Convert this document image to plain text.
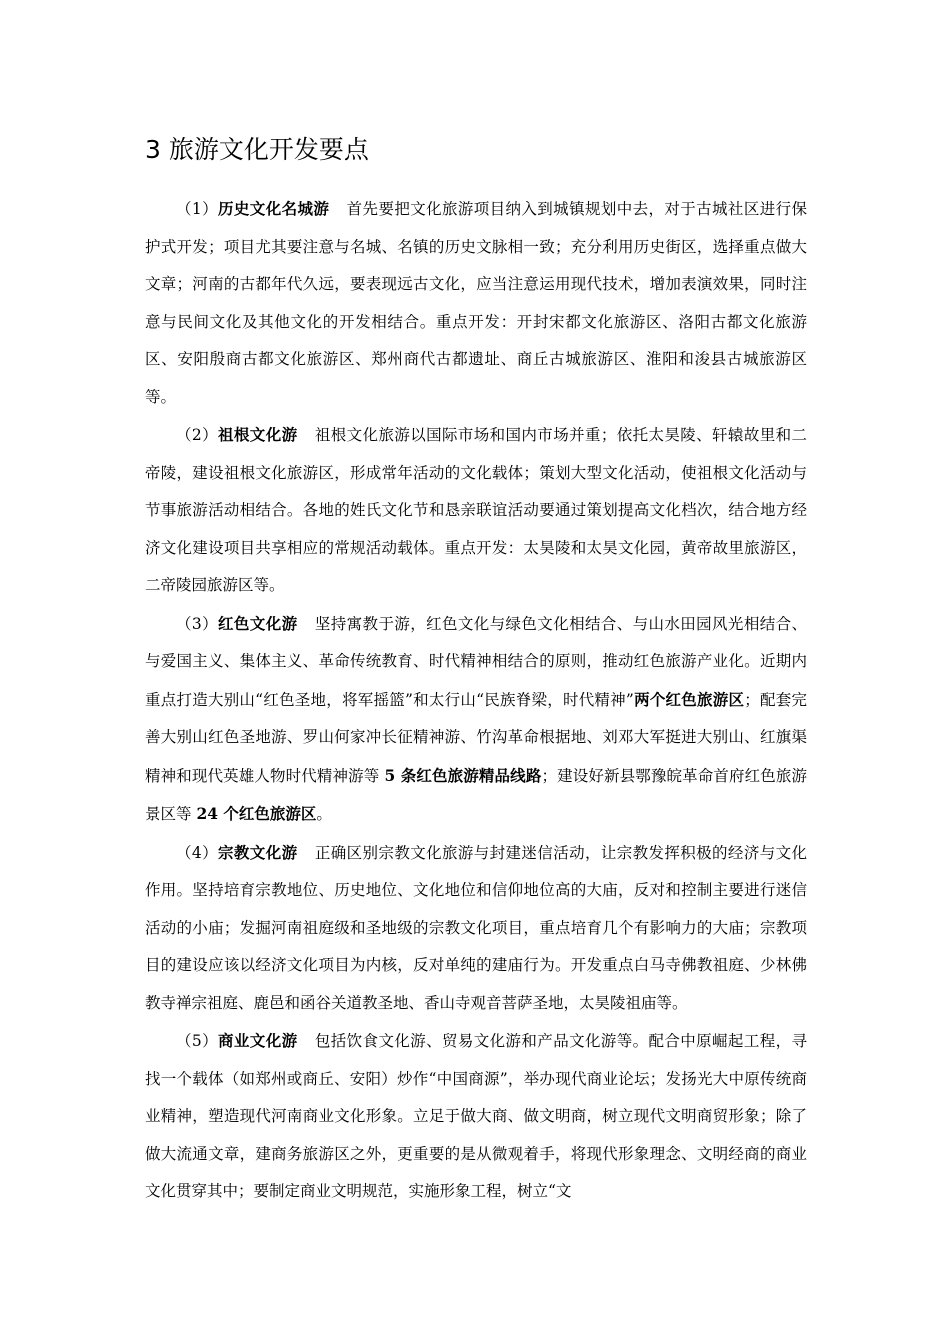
3 旅游文化开发要点

（1）历史文化名城游 首先要把文化旅游项目纳入到城镇规划中去，对于古城社区进行保护式开发；项目尤其要注意与名城、名镇的历史文脉相一致；充分利用历史街区，选择重点做大文章；河南的古都年代久远，要表现远古文化，应当注意运用现代技术，增加表演效果，同时注意与民间文化及其他文化的开发相结合。重点开发：开封宋都文化旅游区、洛阳古都文化旅游区、安阳殷商古都文化旅游区、郑州商代古都遗址、商丘古城旅游区、淮阳和浚县古城旅游区等。

（2）祖根文化游 祖根文化旅游以国际市场和国内市场并重；依托太昊陵、轩辕故里和二帝陵，建设祖根文化旅游区，形成常年活动的文化载体；策划大型文化活动，使祖根文化活动与节事旅游活动相结合。各地的姓氏文化节和恳亲联谊活动要通过策划提高文化档次，结合地方经济文化建设项目共享相应的常规活动载体。重点开发：太昊陵和太昊文化园，黄帝故里旅游区，二帝陵园旅游区等。

（3）红色文化游 坚持寓教于游，红色文化与绿色文化相结合、与山水田园风光相结合、与爱国主义、集体主义、革命传统教育、时代精神相结合的原则，推动红色旅游产业化。近期内重点打造大别山“红色圣地，将军摇篮”和太行山“民族脊梁，时代精神”两个红色旅游区；配套完善大别山红色圣地游、罗山何家冲长征精神游、竹沟革命根据地、刘邓大军挺进大别山、红旗渠精神和现代英雄人物时代精神游等 5 条红色旅游精品线路；建设好新县鄂豫皖革命首府红色旅游景区等 24 个红色旅游区。

（4）宗教文化游 正确区别宗教文化旅游与封建迷信活动，让宗教发挥积极的经济与文化作用。坚持培育宗教地位、历史地位、文化地位和信仰地位高的大庙，反对和控制主要进行迷信活动的小庙；发掘河南祖庭级和圣地级的宗教文化项目，重点培育几个有影响力的大庙；宗教项目的建设应该以经济文化项目为内核，反对单纯的建庙行为。开发重点白马寺佛教祖庭、少林佛教寺禅宗祖庭、鹿邑和函谷关道教圣地、香山寺观音菩萨圣地，太昊陵祖庙等。

（5）商业文化游 包括饮食文化游、贸易文化游和产品文化游等。配合中原崛起工程，寻找一个载体（如郑州或商丘、安阳）炒作“中国商源”，举办现代商业论坛；发扬光大中原传统商业精神，塑造现代河南商业文化形象。立足于做大商、做文明商，树立现代文明商贸形象；除了做大流通文章，建商务旅游区之外，更重要的是从微观着手，将现代形象理念、文明经商的商业文化贯穿其中；要制定商业文明规范，实施形象工程，树立“文
